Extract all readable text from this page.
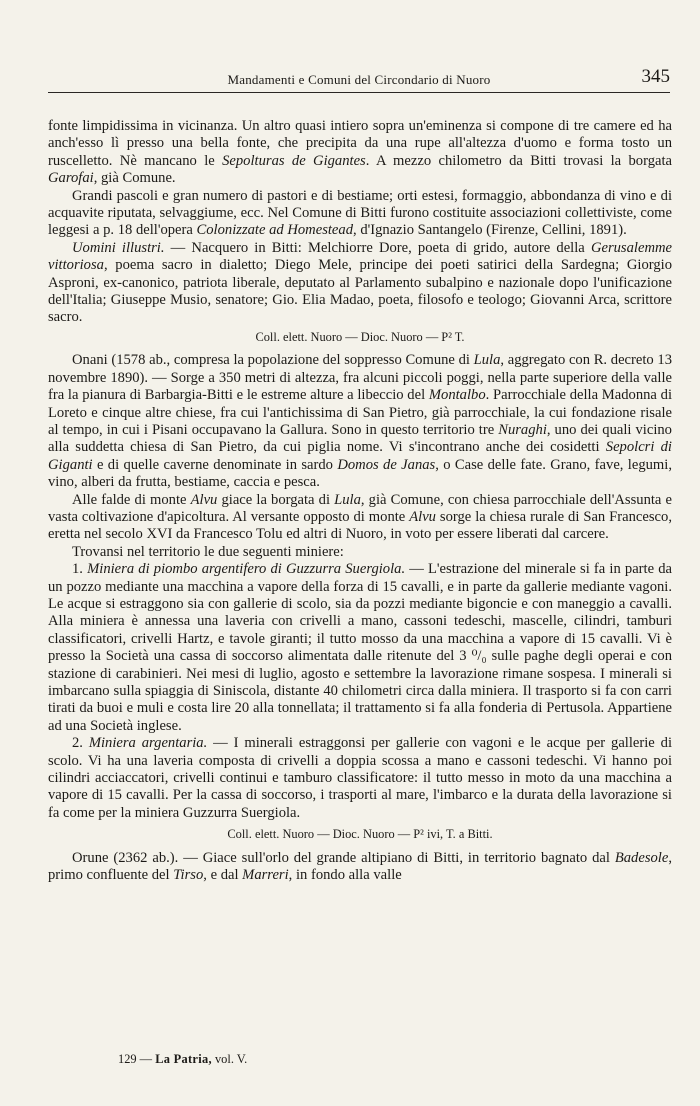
Mandamenti e Comuni del Circondario di Nuoro	345

fonte limpidissima in vicinanza. Un altro quasi intiero sopra un'eminenza si compone di tre camere ed ha anch'esso lì presso una bella fonte, che precipita da una rupe all'altezza d'uomo e forma tosto un ruscelletto. Nè mancano le Sepolturas de Gigantes. A mezzo chilometro da Bitti trovasi la borgata Garofai, già Comune.

Grandi pascoli e gran numero di pastori e di bestiame; orti estesi, formaggio, abbondanza di vino e di acquavite riputata, selvaggiume, ecc. Nel Comune di Bitti furono costituite associazioni collettiviste, come leggesi a p. 18 dell'opera Colonizzate ad Homestead, d'Ignazio Santangelo (Firenze, Cellini, 1891).

Uomini illustri. — Nacquero in Bitti: Melchiorre Dore, poeta di grido, autore della Gerusalemme vittoriosa, poema sacro in dialetto; Diego Mele, principe dei poeti satirici della Sardegna; Giorgio Asproni, ex-canonico, patriota liberale, deputato al Parlamento subalpino e nazionale dopo l'unificazione dell'Italia; Giuseppe Musio, senatore; Gio. Elia Madao, poeta, filosofo e teologo; Giovanni Arca, scrittore sacro.

Coll. elett. Nuoro — Dioc. Nuoro — P² T.

Onani (1578 ab., compresa la popolazione del soppresso Comune di Lula, aggregato con R. decreto 13 novembre 1890). — Sorge a 350 metri di altezza, fra alcuni piccoli poggi, nella parte superiore della valle fra la pianura di Barbargia-Bitti e le estreme alture a libeccio del Montalbo. Parrocchiale della Madonna di Loreto e cinque altre chiese, fra cui l'antichissima di San Pietro, già parrocchiale, la cui fondazione risale al tempo, in cui i Pisani occupavano la Gallura. Sono in questo territorio tre Nuraghi, uno dei quali vicino alla suddetta chiesa di San Pietro, da cui piglia nome. Vi s'incontrano anche dei cosidetti Sepolcri di Giganti e di quelle caverne denominate in sardo Domos de Janas, o Case delle fate. Grano, fave, legumi, vino, alberi da frutta, bestiame, caccia e pesca.

Alle falde di monte Alvu giace la borgata di Lula, già Comune, con chiesa parrocchiale dell'Assunta e vasta coltivazione d'apicoltura. Al versante opposto di monte Alvu sorge la chiesa rurale di San Francesco, eretta nel secolo XVI da Francesco Tolu ed altri di Nuoro, in voto per essere liberati dal carcere.

Trovansi nel territorio le due seguenti miniere:

1. Miniera di piombo argentifero di Guzzurra Suergiola. — L'estrazione del minerale si fa in parte da un pozzo mediante una macchina a vapore della forza di 15 cavalli, e in parte da gallerie mediante vagoni. Le acque si estraggono sia con gallerie di scolo, sia da pozzi mediante bigoncie e con maneggio a cavalli. Alla miniera è annessa una laveria con crivelli a mano, cassoni tedeschi, mascelle, cilindri, tamburi classificatori, crivelli Hartz, e tavole giranti; il tutto mosso da una macchina a vapore di 15 cavalli. Vi è presso la Società una cassa di soccorso alimentata dalle ritenute del 3 ⁰/₀ sulle paghe degli operai e con stazione di carabinieri. Nei mesi di luglio, agosto e settembre la lavorazione rimane sospesa. I minerali si imbarcano sulla spiaggia di Siniscola, distante 40 chilometri circa dalla miniera. Il trasporto si fa con carri tirati da buoi e muli e costa lire 20 alla tonnellata; il trattamento si fa alla fonderia di Pertusola. Appartiene ad una Società inglese.

2. Miniera argentaria. — I minerali estraggonsi per gallerie con vagoni e le acque per gallerie di scolo. Vi ha una laveria composta di crivelli a doppia scossa a mano e cassoni tedeschi. Vi hanno poi cilindri acciaccatori, crivelli continui e tamburo classificatore: il tutto messo in moto da una macchina a vapore di 15 cavalli. Per la cassa di soccorso, i trasporti al mare, l'imbarco e la durata della lavorazione si fa come per la miniera Guzzurra Suergiola.

Coll. elett. Nuoro — Dioc. Nuoro — P² ivi, T. a Bitti.

Orune (2362 ab.). — Giace sull'orlo del grande altipiano di Bitti, in territorio bagnato dal Badesole, primo confluente del Tirso, e dal Marreri, in fondo alla valle

129 — La Patria, vol. V.
